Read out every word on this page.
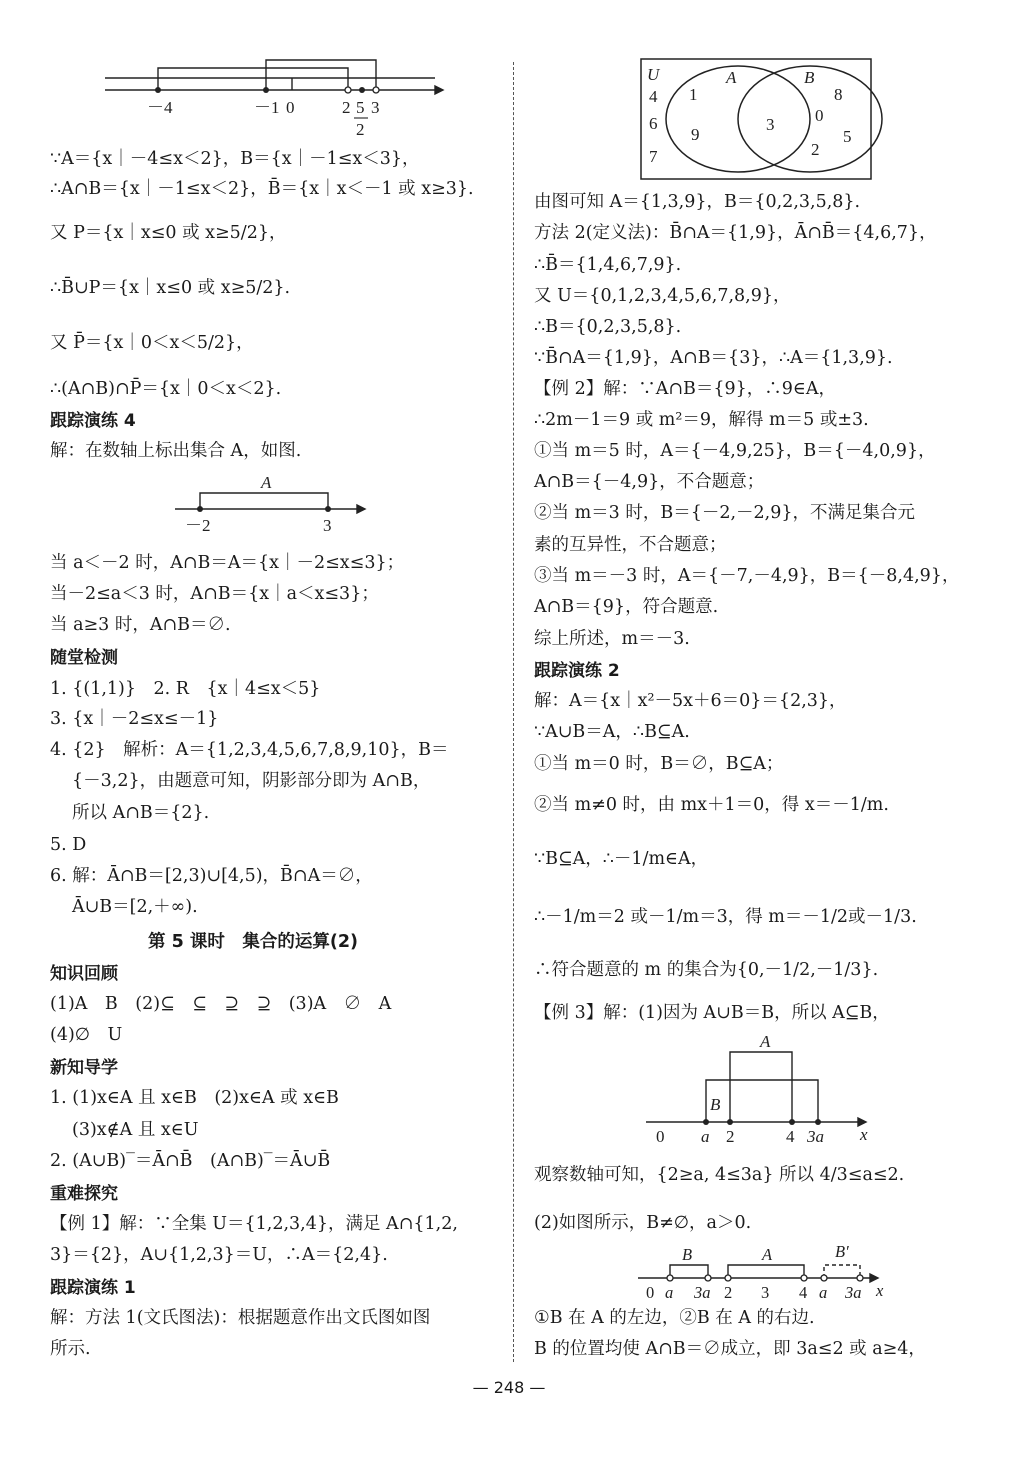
－4	－1 0	2 5
2
3
∵A＝{x｜－4≤x＜2}，B＝{x｜－1≤x＜3}，
∴A∩B＝{x｜－1≤x＜2}，B̄＝{x｜x＜－1 或 x≥3}.
又 P＝{x｜x≤0 或 x≥5/2}，
∴B̄∪P＝{x｜x≤0 或 x≥5/2}.
又 P̄＝{x｜0＜x＜5/2}，
∴(A∩B)∩P̄＝{x｜0＜x＜2}.
跟踪演练 4
解：在数轴上标出集合 A，如图.
A
－2	3
当 a＜－2 时，A∩B＝A＝{x｜－2≤x≤3}；
当－2≤a＜3 时，A∩B＝{x｜a＜x≤3}；
当 a≥3 时，A∩B＝∅.
随堂检测
1. {(1,1)}　2. R　{x｜4≤x＜5}
3. {x｜－2≤x≤－1}
4. {2}　解析：A＝{1,2,3,4,5,6,7,8,9,10}，B＝
{－3,2}，由题意可知，阴影部分即为 A∩B，
所以 A∩B＝{2}.
5. D
6. 解：Ā∩B＝[2,3)∪[4,5)，B̄∩A＝∅，
Ā∪B＝[2,＋∞).
第 5 课时　集合的运算(2)
知识回顾
(1)A　B　(2)⊆　⊆　⊇　⊇　(3)A　∅　A
(4)∅　U
新知导学
1. (1)x∈A 且 x∈B　(2)x∈A 或 x∈B
(3)x∉A 且 x∈U
2. (A∪B)‾＝Ā∩B̄　(A∩B)‾＝Ā∪B̄
重难探究
【例 1】解：∵全集 U＝{1,2,3,4}，满足 A∩{1,2,
3}＝{2}，A∪{1,2,3}＝U，∴A＝{2,4}.
跟踪演练 1
解：方法 1(文氏图法)：根据题意作出文氏图如图
所示.
U	A	B
4
6
7
1
9
3
8
0
5
2
由图可知 A＝{1,3,9}，B＝{0,2,3,5,8}.
方法 2(定义法)：B̄∩A＝{1,9}，Ā∩B̄＝{4,6,7}，
∴B̄＝{1,4,6,7,9}.
又 U＝{0,1,2,3,4,5,6,7,8,9}，
∴B＝{0,2,3,5,8}.
∵B̄∩A＝{1,9}，A∩B＝{3}，∴A＝{1,3,9}.
【例 2】解：∵A∩B＝{9}，∴9∈A，
∴2m－1＝9 或 m²＝9，解得 m＝5 或±3.
①当 m＝5 时，A＝{－4,9,25}，B＝{－4,0,9}，
A∩B＝{－4,9}，不合题意；
②当 m＝3 时，B＝{－2,－2,9}，不满足集合元
素的互异性，不合题意；
③当 m＝－3 时，A＝{－7,－4,9}，B＝{－8,4,9}，
A∩B＝{9}，符合题意.
综上所述，m＝－3.
跟踪演练 2
解：A＝{x｜x²－5x＋6＝0}＝{2,3}，
∵A∪B＝A，∴B⊆A.
①当 m＝0 时，B＝∅，B⊆A；
②当 m≠0 时，由 mx＋1＝0，得 x＝－1/m.
∵B⊆A，∴－1/m∈A，
∴－1/m＝2 或－1/m＝3，得 m＝－1/2或－1/3.
∴符合题意的 m 的集合为{0,－1/2,－1/3}.
【例 3】解：(1)因为 A∪B＝B，所以 A⊆B，
A
B
0 a 2	4 3a x
观察数轴可知，{2≥a, 4≤3a} 所以 4/3≤a≤2.
(2)如图所示，B≠∅，a＞0.
B	A	B′
0 a 3a 2 3 4 a 3a x
①B 在 A 的左边，②B 在 A 的右边.
B 的位置均使 A∩B＝∅成立，即 3a≤2 或 a≥4，
— 248 —
